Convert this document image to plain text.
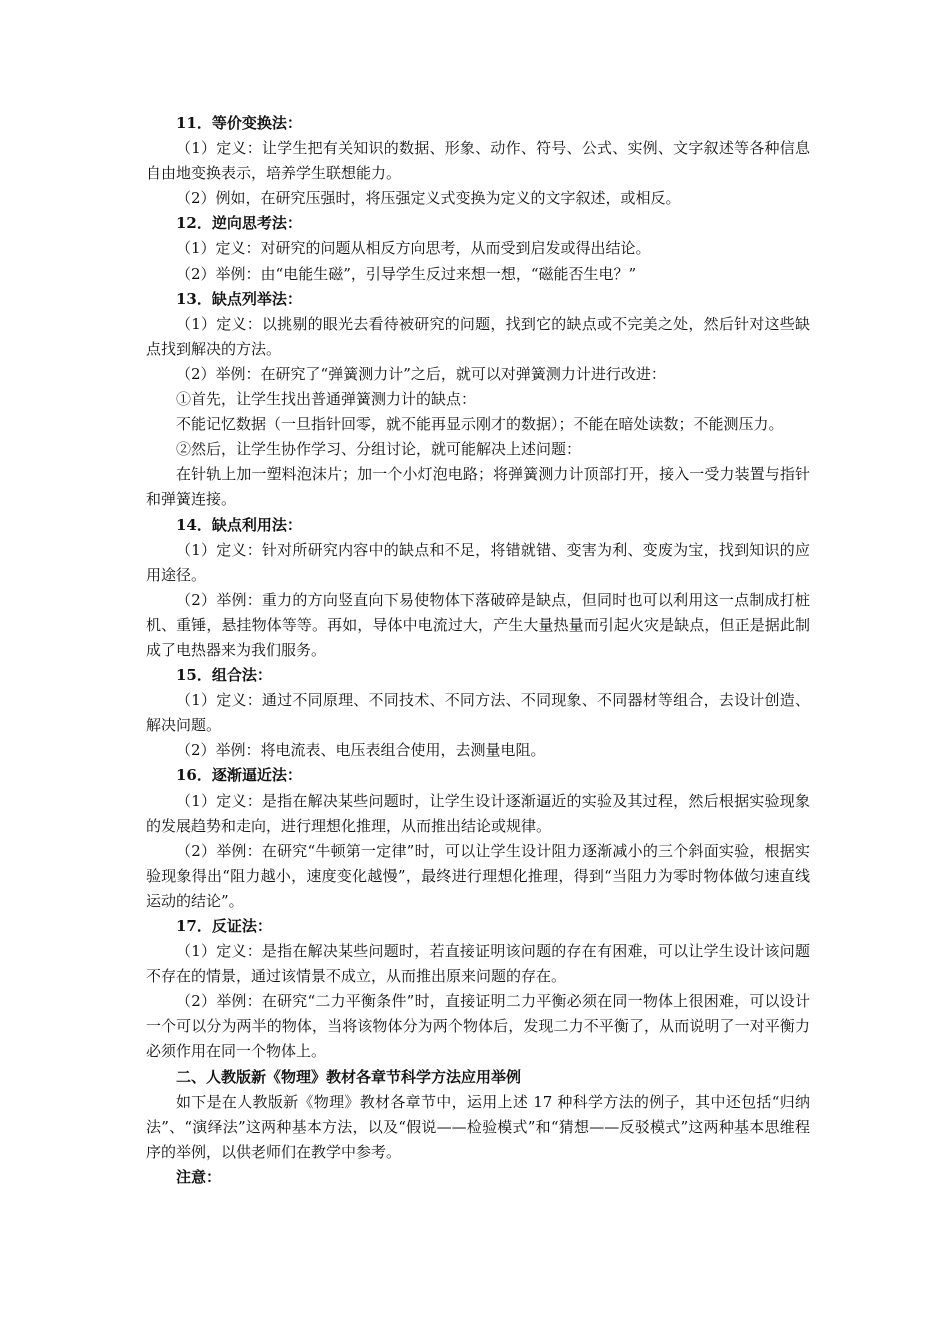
11．等价变换法：
（1）定义：让学生把有关知识的数据、形象、动作、符号、公式、实例、文字叙述等各种信息自由地变换表示，培养学生联想能力。
（2）例如，在研究压强时，将压强定义式变换为定义的文字叙述，或相反。
12．逆向思考法：
（1）定义：对研究的问题从相反方向思考，从而受到启发或得出结论。
（2）举例：由“电能生磁”，引导学生反过来想一想，“磁能否生电？”
13．缺点列举法：
（1）定义：以挑剔的眼光去看待被研究的问题，找到它的缺点或不完美之处，然后针对这些缺点找到解决的方法。
（2）举例：在研究了“弹簧测力计”之后，就可以对弹簧测力计进行改进：
①首先，让学生找出普通弹簧测力计的缺点：
不能记忆数据（一旦指针回零，就不能再显示刚才的数据）；不能在暗处读数；不能测压力。
②然后，让学生协作学习、分组讨论，就可能解决上述问题：
在针轨上加一塑料泡沫片；加一个小灯泡电路；将弹簧测力计顶部打开，接入一受力装置与指针和弹簧连接。
14．缺点利用法：
（1）定义：针对所研究内容中的缺点和不足，将错就错、变害为利、变废为宝，找到知识的应用途径。
（2）举例：重力的方向竖直向下易使物体下落破碎是缺点，但同时也可以利用这一点制成打桩机、重锤，悬挂物体等等。再如，导体中电流过大，产生大量热量而引起火灾是缺点，但正是据此制成了电热器来为我们服务。
15．组合法：
（1）定义：通过不同原理、不同技术、不同方法、不同现象、不同器材等组合，去设计创造、解决问题。
（2）举例：将电流表、电压表组合使用，去测量电阻。
16．逐渐逼近法：
（1）定义：是指在解决某些问题时，让学生设计逐渐逼近的实验及其过程，然后根据实验现象的发展趋势和走向，进行理想化推理，从而推出结论或规律。
（2）举例：在研究“牛顿第一定律”时，可以让学生设计阻力逐渐减小的三个斜面实验，根据实验现象得出“阻力越小，速度变化越慢”，最终进行理想化推理，得到“当阻力为零时物体做匀速直线运动的结论”。
17．反证法：
（1）定义：是指在解决某些问题时，若直接证明该问题的存在有困难，可以让学生设计该问题不存在的情景，通过该情景不成立，从而推出原来问题的存在。
（2）举例：在研究“二力平衡条件”时，直接证明二力平衡必须在同一物体上很困难，可以设计一个可以分为两半的物体，当将该物体分为两个物体后，发现二力不平衡了，从而说明了一对平衡力必须作用在同一个物体上。
二、人教版新《物理》教材各章节科学方法应用举例
如下是在人教版新《物理》教材各章节中，运用上述 17 种科学方法的例子，其中还包括“归纳法”、“演绎法”这两种基本方法，以及“假说——检验模式”和“猜想——反驳模式”这两种基本思维程序的举例，以供老师们在教学中参考。
注意：
